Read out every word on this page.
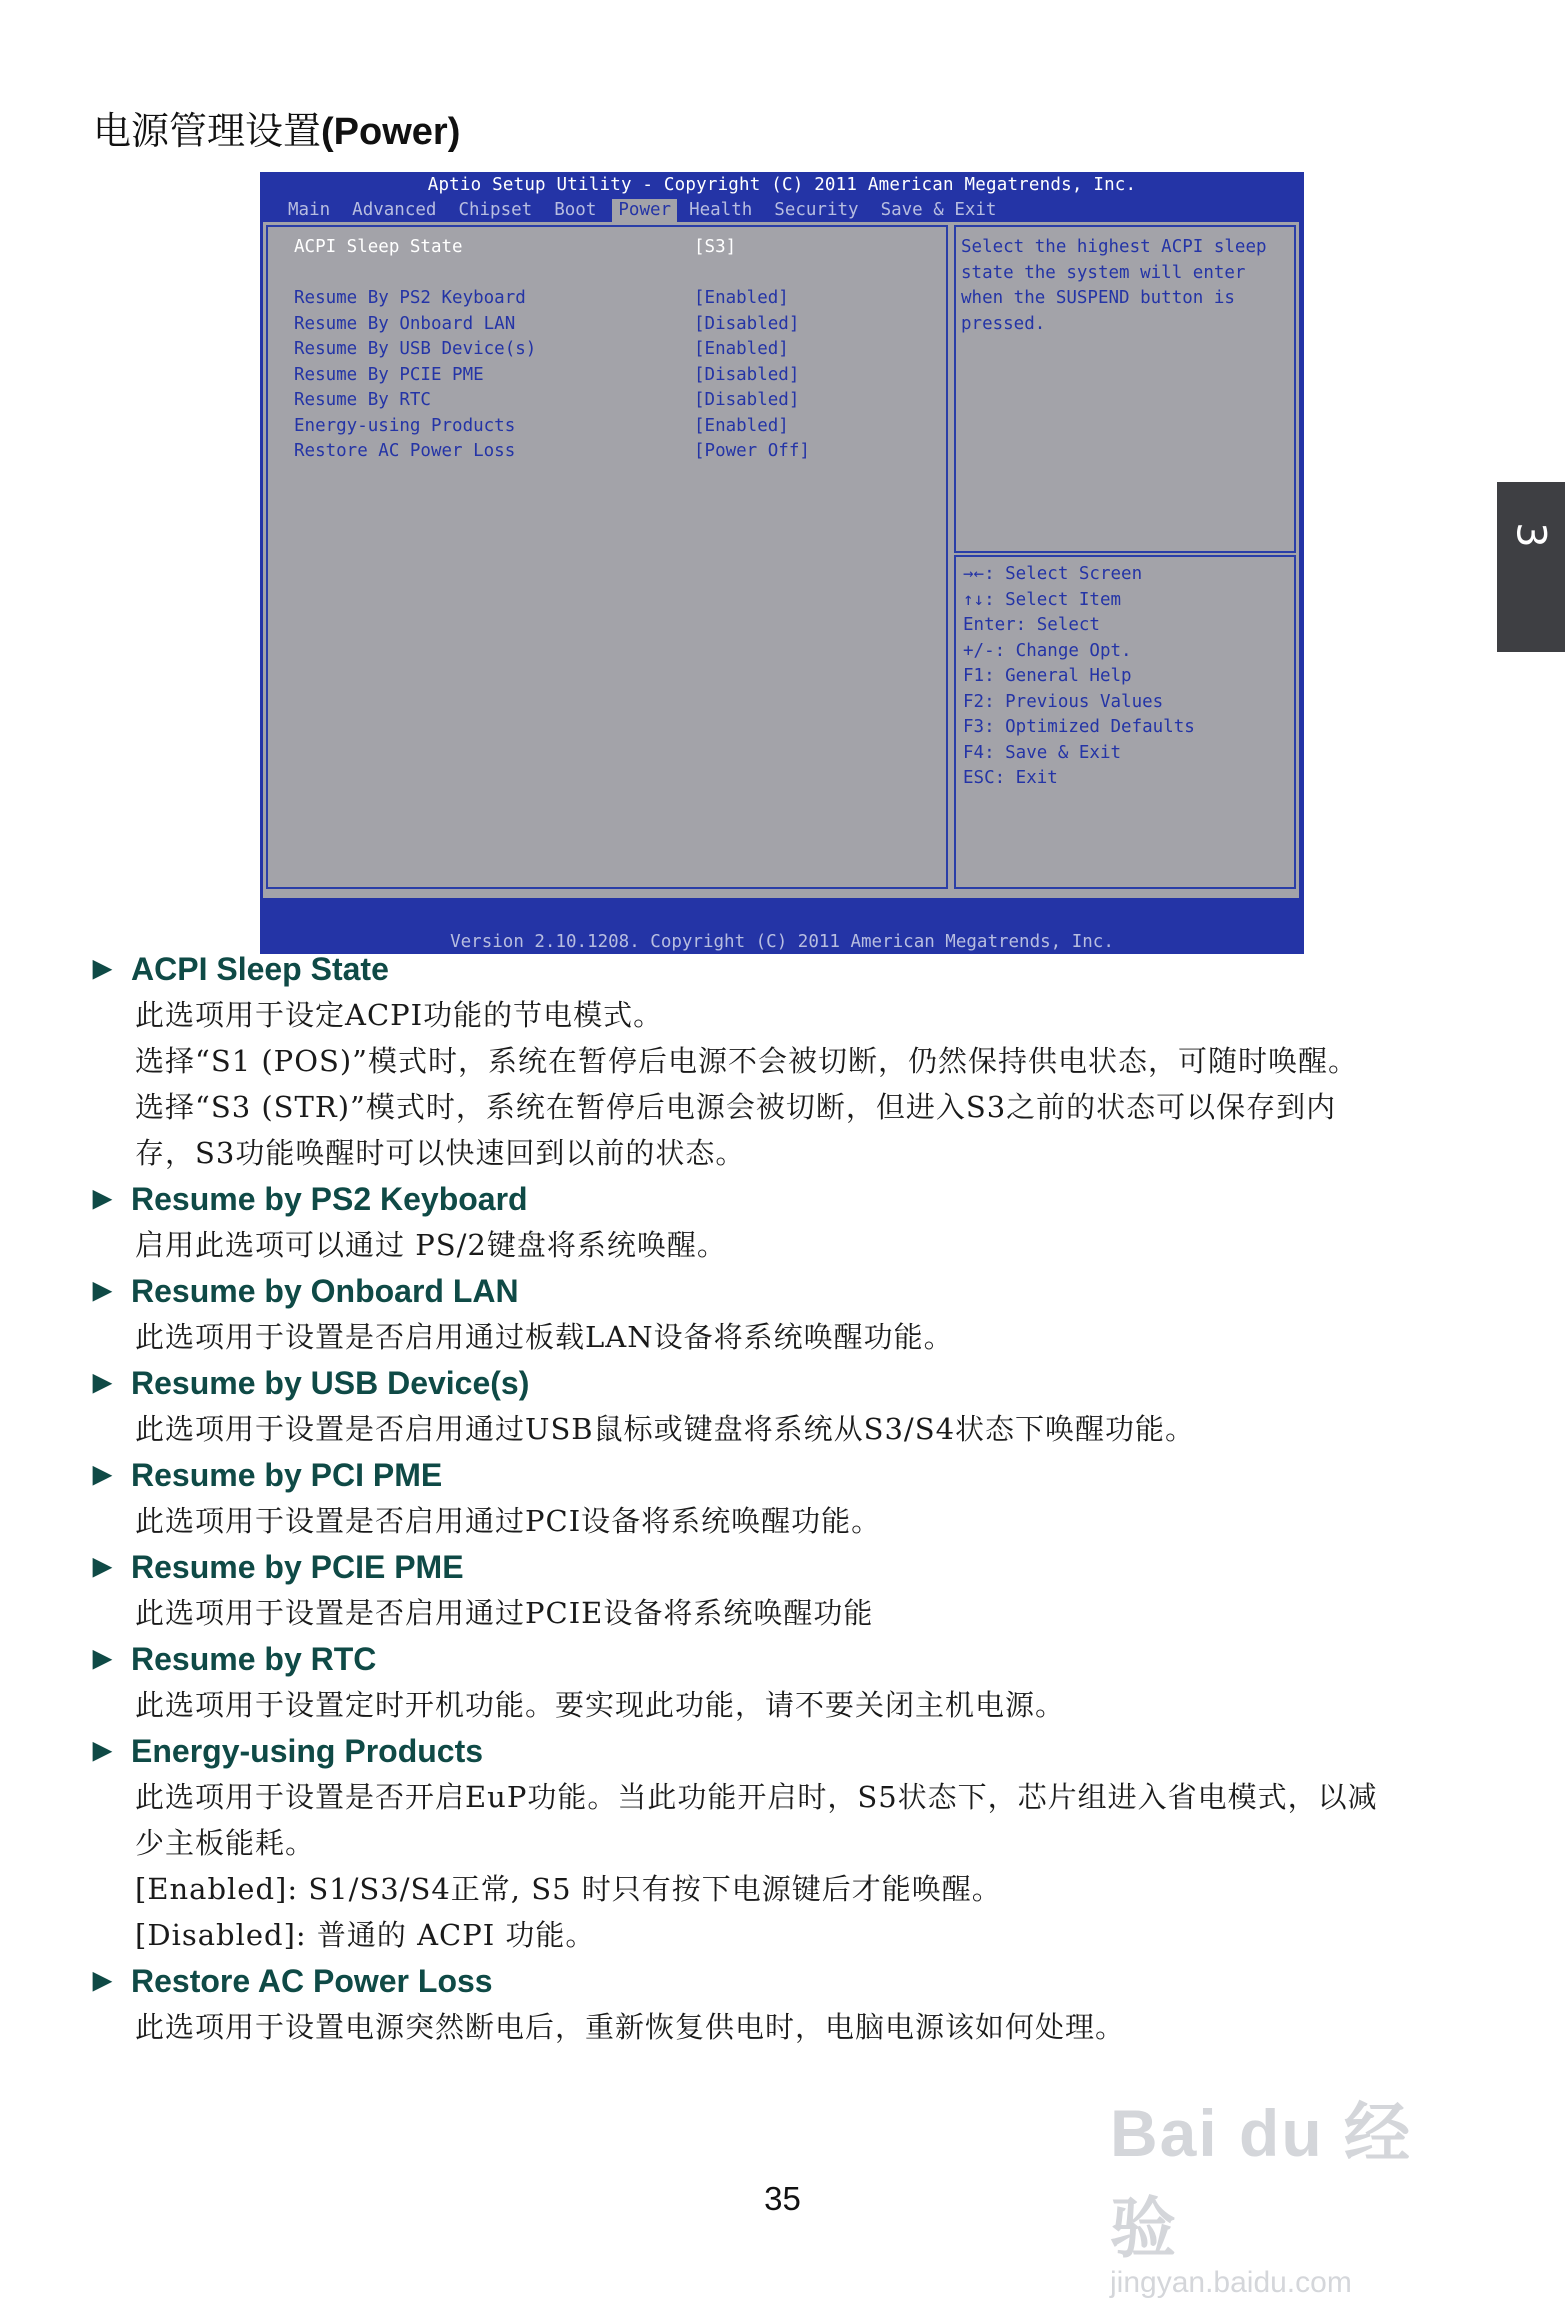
电源管理设置(Power)
3
Aptio Setup Utility - Copyright (C) 2011 American Megatrends, Inc.
Main	Advanced	Chipset	Boot	Power	Health	Security	Save & Exit
ACPI Sleep State	[S3]
Resume By PS2 Keyboard	[Enabled]
Resume By Onboard LAN	[Disabled]
Resume By USB Device(s)	[Enabled]
Resume By PCIE PME	[Disabled]
Resume By RTC	[Disabled]
Energy-using Products	[Enabled]
Restore AC Power Loss	[Power Off]
Select the highest ACPI sleep
state the system will enter
when the SUSPEND button is
pressed.
→←: Select Screen
↑↓: Select Item
Enter: Select
+/-: Change Opt.
F1: General Help
F2: Previous Values
F3: Optimized Defaults
F4: Save & Exit
ESC: Exit
Version 2.10.1208. Copyright (C) 2011 American Megatrends, Inc.
▶ ACPI Sleep State
此选项用于设定ACPI功能的节电模式。
选择“S1 (POS)”模式时，系统在暂停后电源不会被切断，仍然保持供电状态，可随时唤醒。
选择“S3 (STR)”模式时，系统在暂停后电源会被切断，但进入S3之前的状态可以保存到内
存，S3功能唤醒时可以快速回到以前的状态。
▶ Resume by PS2 Keyboard
启用此选项可以通过 PS/2键盘将系统唤醒。
▶ Resume by Onboard LAN
此选项用于设置是否启用通过板载LAN设备将系统唤醒功能。
▶ Resume by USB Device(s)
此选项用于设置是否启用通过USB鼠标或键盘将系统从S3/S4状态下唤醒功能。
▶ Resume by PCI PME
此选项用于设置是否启用通过PCI设备将系统唤醒功能。
▶ Resume by PCIE PME
此选项用于设置是否启用通过PCIE设备将系统唤醒功能
▶ Resume by RTC
此选项用于设置定时开机功能。要实现此功能，请不要关闭主机电源。
▶ Energy-using Products
此选项用于设置是否开启EuP功能。当此功能开启时，S5状态下，芯片组进入省电模式，以减
少主板能耗。
[Enabled]: S1/S3/S4正常, S5 时只有按下电源键后才能唤醒。
[Disabled]: 普通的 ACPI 功能。
▶ Restore AC Power Loss
此选项用于设置电源突然断电后，重新恢复供电时，电脑电源该如何处理。
Bai du 经验
jingyan.baidu.com
35
